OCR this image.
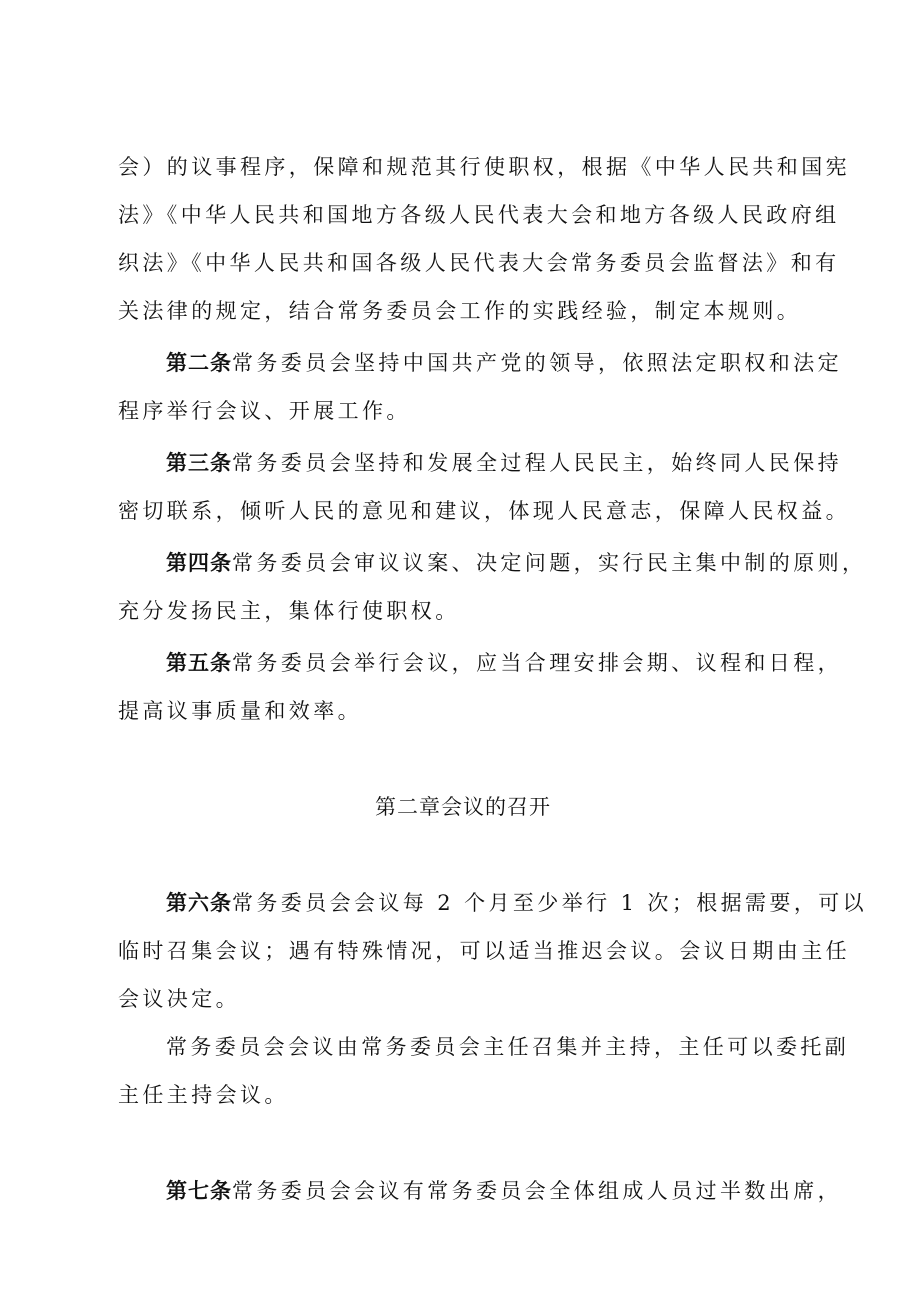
会）的议事程序，保障和规范其行使职权，根据《中华人民共和国宪
法》《中华人民共和国地方各级人民代表大会和地方各级人民政府组
织法》《中华人民共和国各级人民代表大会常务委员会监督法》和有
关法律的规定，结合常务委员会工作的实践经验，制定本规则。
第二条常务委员会坚持中国共产党的领导，依照法定职权和法定
程序举行会议、开展工作。
第三条常务委员会坚持和发展全过程人民民主，始终同人民保持
密切联系，倾听人民的意见和建议，体现人民意志，保障人民权益。
第四条常务委员会审议议案、决定问题，实行民主集中制的原则，
充分发扬民主，集体行使职权。
第五条常务委员会举行会议，应当合理安排会期、议程和日程，
提高议事质量和效率。
第二章会议的召开
第六条常务委员会会议每 2 个月至少举行 1 次；根据需要，可以
临时召集会议；遇有特殊情况，可以适当推迟会议。会议日期由主任
会议决定。
常务委员会会议由常务委员会主任召集并主持，主任可以委托副
主任主持会议。
第七条常务委员会会议有常务委员会全体组成人员过半数出席，
